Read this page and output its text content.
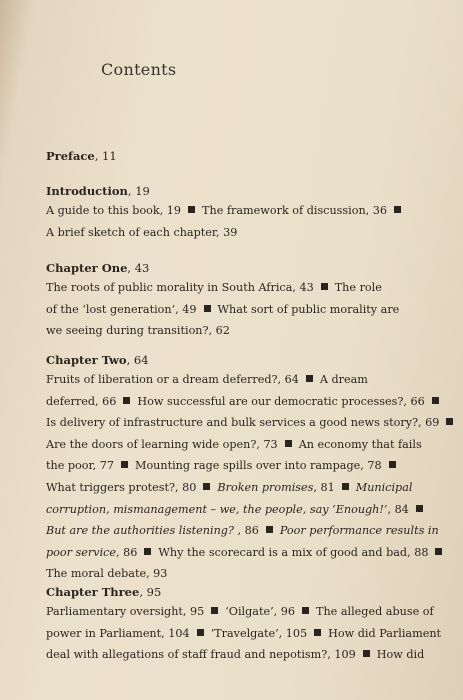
Contents
Preface, 11
Introduction, 19
A guide to this book, 19 The framework of discussion, 36
A brief sketch of each chapter, 39
Chapter One, 43
The roots of public morality in South Africa, 43 The role
of the ‘lost generation’, 49 What sort of public morality are
we seeing during transition?, 62
Chapter Two, 64
Fruits of liberation or a dream deferred?, 64 A dream
deferred, 66 How successful are our democratic processes?, 66
Is delivery of infrastructure and bulk services a good news story?, 69
Are the doors of learning wide open?, 73 An economy that fails
the poor, 77 Mounting rage spills over into rampage, 78
What triggers protest?, 80 Broken promises, 81 Municipal
corruption, mismanagement – we, the people, say ‘Enough!’, 84
But are the authorities listening? , 86 Poor performance results in
poor service, 86 Why the scorecard is a mix of good and bad, 88
The moral debate, 93
Chapter Three, 95
Parliamentary oversight, 95 ‘Oilgate’, 96 The alleged abuse of
power in Parliament, 104 ‘Travelgate’, 105 How did Parliament
deal with allegations of staff fraud and nepotism?, 109 How did
